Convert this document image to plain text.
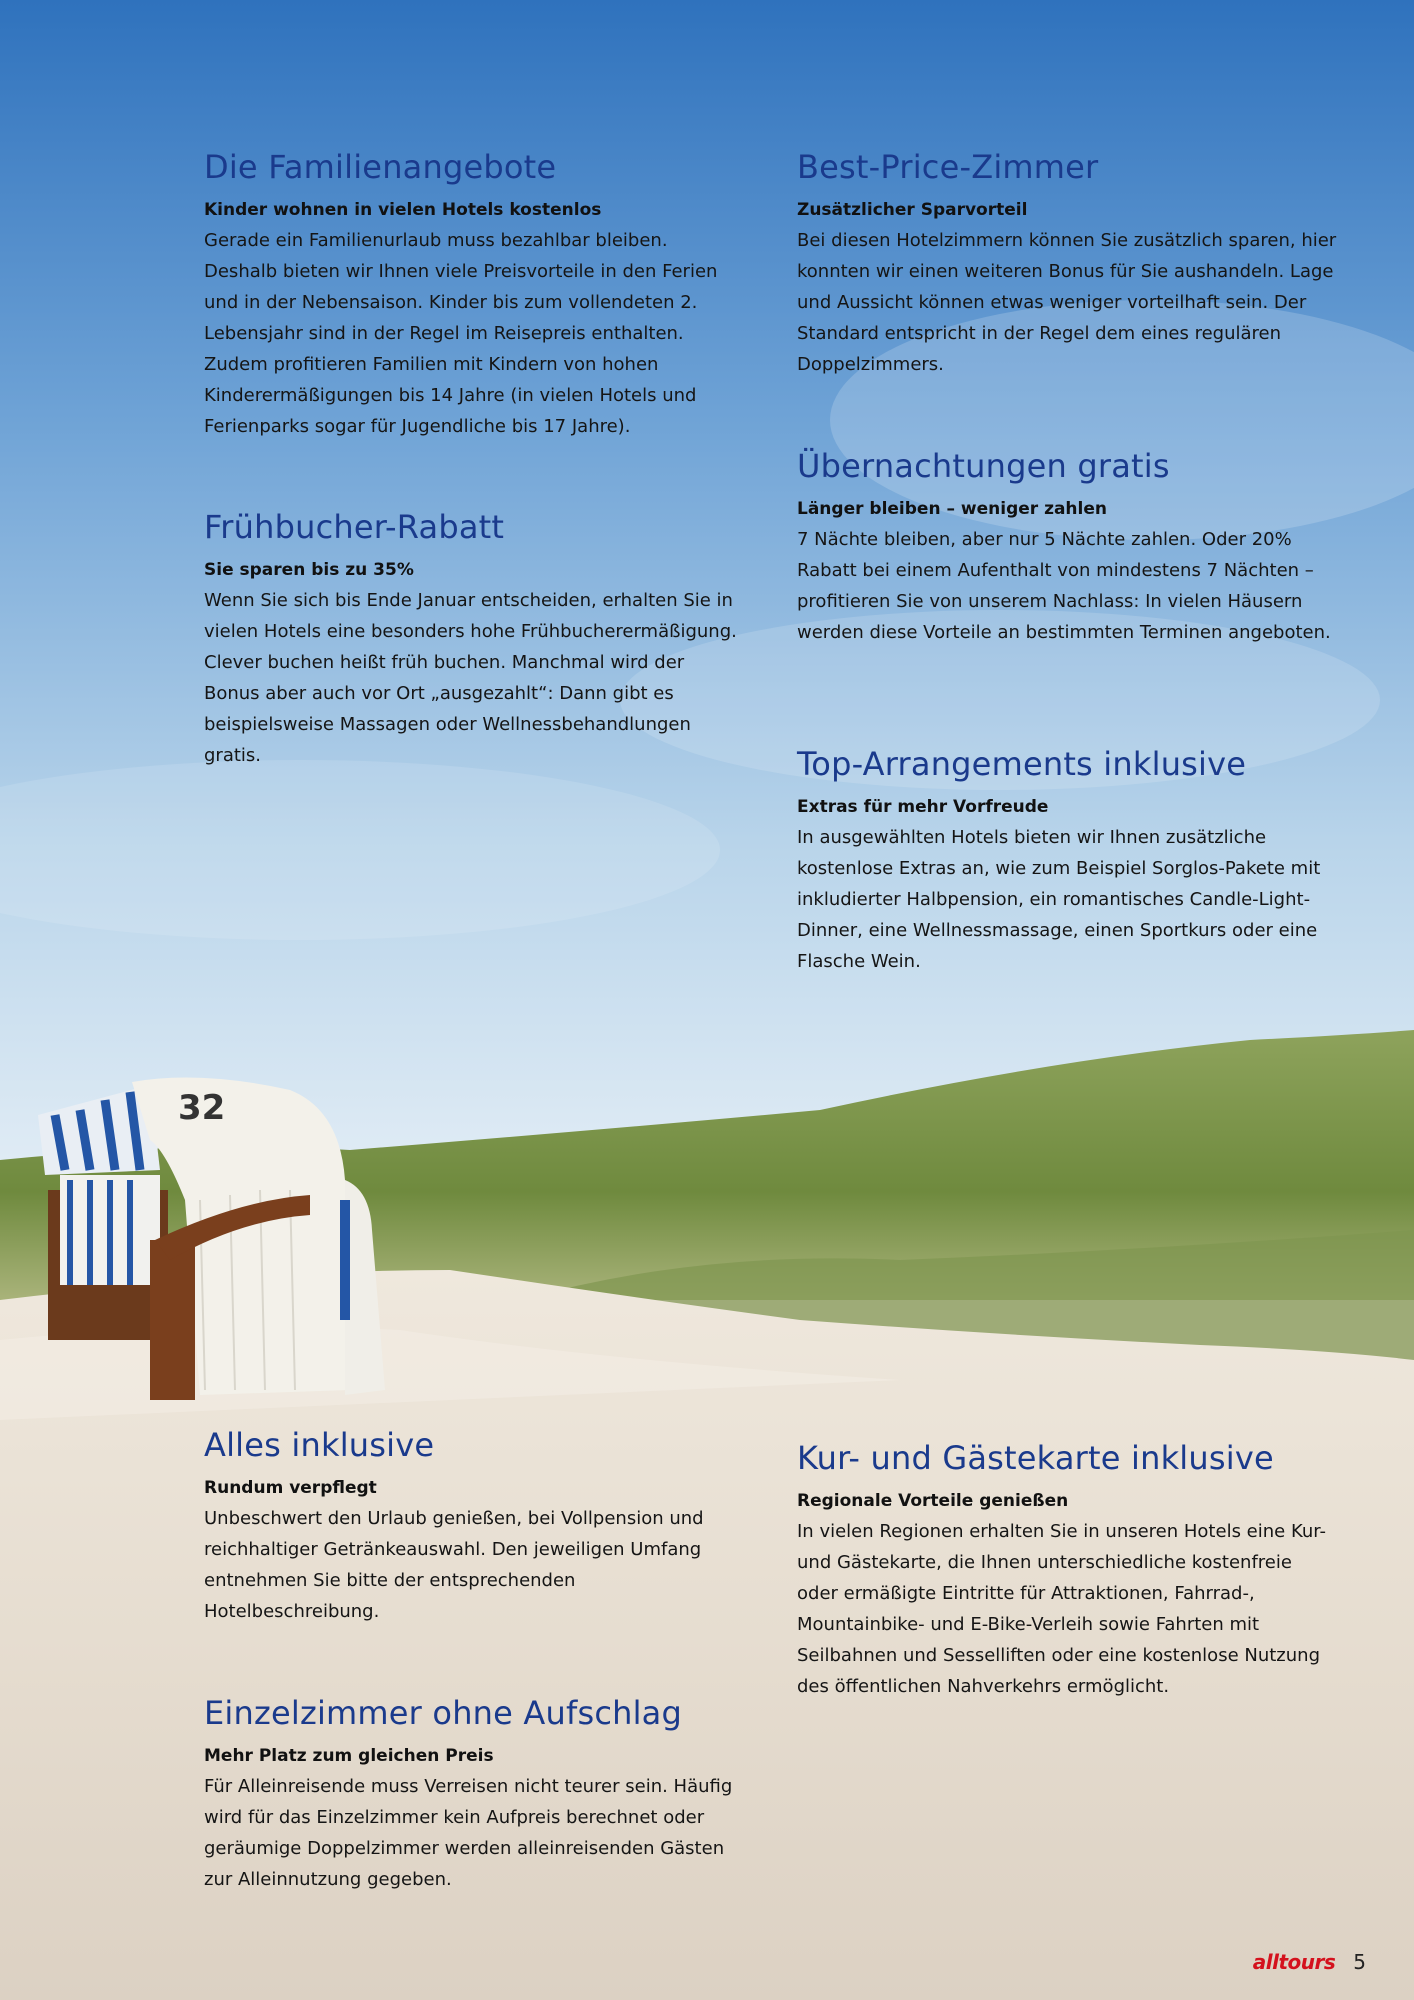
32
Die Familienangebote
Kinder wohnen in vielen Hotels kostenlos

Gerade ein Familienurlaub muss bezahlbar bleiben. Deshalb bieten wir Ihnen viele Preisvorteile in den Ferien und in der Nebensaison. Kinder bis zum vollendeten 2. Lebensjahr sind in der Regel im Reisepreis enthalten. Zudem profitieren Familien mit Kindern von hohen Kinderermäßigungen bis 14 Jahre (in vielen Hotels und Ferienparks sogar für Jugendliche bis 17 Jahre).

Frühbucher-Rabatt
Sie sparen bis zu 35%

Wenn Sie sich bis Ende Januar entscheiden, erhalten Sie in vielen Hotels eine besonders hohe Frühbucherermäßigung. Clever buchen heißt früh buchen. Manchmal wird der Bonus aber auch vor Ort „ausgezahlt“: Dann gibt es beispielsweise Massagen oder Wellnessbehandlungen gratis.

Alles inklusive
Rundum verpflegt

Unbeschwert den Urlaub genießen, bei Vollpension und reichhaltiger Getränkeauswahl. Den jeweiligen Umfang entnehmen Sie bitte der entsprechenden Hotelbeschreibung.

Einzelzimmer ohne Aufschlag
Mehr Platz zum gleichen Preis

Für Alleinreisende muss Verreisen nicht teurer sein. Häufig wird für das Einzelzimmer kein Aufpreis berechnet oder geräumige Doppelzimmer werden alleinreisenden Gästen zur Alleinnutzung gegeben.

Best-Price-Zimmer
Zusätzlicher Sparvorteil

Bei diesen Hotelzimmern können Sie zusätzlich sparen, hier konnten wir einen weiteren Bonus für Sie aushandeln. Lage und Aussicht können etwas weniger vorteilhaft sein. Der Standard entspricht in der Regel dem eines regulären Doppelzimmers.

Übernachtungen gratis
Länger bleiben – weniger zahlen

7 Nächte bleiben, aber nur 5 Nächte zahlen. Oder 20% Rabatt bei einem Aufenthalt von mindestens 7 Nächten – profitieren Sie von unserem Nachlass: In vielen Häusern werden diese Vorteile an bestimmten Terminen angeboten.

Top-Arrangements inklusive
Extras für mehr Vorfreude

In ausgewählten Hotels bieten wir Ihnen zusätzliche kostenlose Extras an, wie zum Beispiel Sorglos-Pakete mit inkludierter Halbpension, ein romantisches Candle-Light-Dinner, eine Wellnessmassage, einen Sportkurs oder eine Flasche Wein.

Kur- und Gästekarte inklusive
Regionale Vorteile genießen

In vielen Regionen erhalten Sie in unseren Hotels eine Kur- und Gästekarte, die Ihnen unterschiedliche kostenfreie oder ermäßigte Eintritte für Attraktionen, Fahrrad-, Mountainbike- und E-Bike-Verleih sowie Fahrten mit Seilbahnen und Sesselliften oder eine kostenlose Nutzung des öffentlichen Nahverkehrs ermöglicht.

alltours 5
